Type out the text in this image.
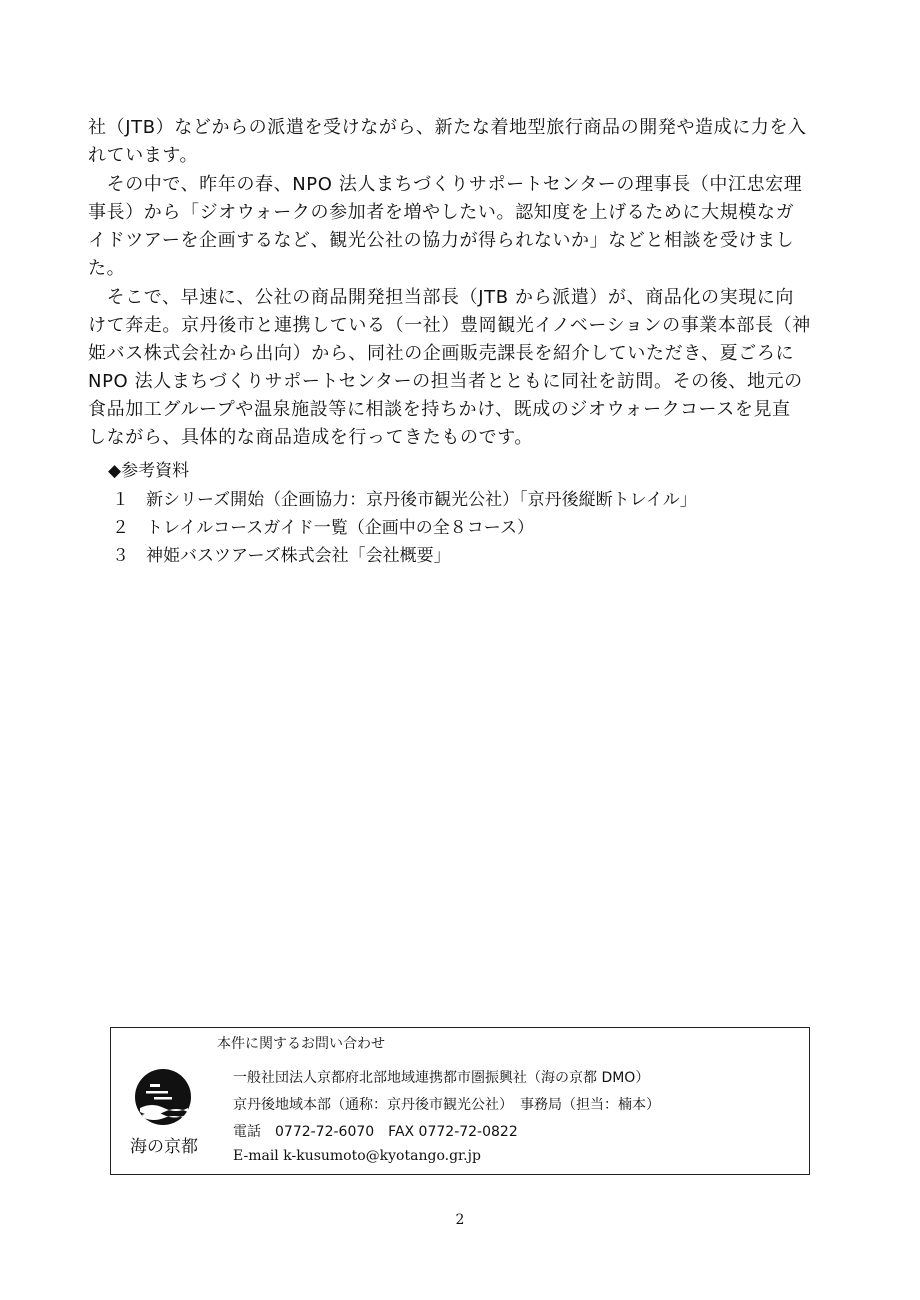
社（JTB）などからの派遣を受けながら、新たな着地型旅行商品の開発や造成に力を入
れています。
　その中で、昨年の春、NPO 法人まちづくりサポートセンターの理事長（中江忠宏理
事長）から「ジオウォークの参加者を増やしたい。認知度を上げるために大規模なガ
イドツアーを企画するなど、観光公社の協力が得られないか」などと相談を受けまし
た。
　そこで、早速に、公社の商品開発担当部長（JTB から派遣）が、商品化の実現に向
けて奔走。京丹後市と連携している（一社）豊岡観光イノベーションの事業本部長（神
姫バス株式会社から出向）から、同社の企画販売課長を紹介していただき、夏ごろに
NPO 法人まちづくりサポートセンターの担当者とともに同社を訪問。その後、地元の
食品加工グループや温泉施設等に相談を持ちかけ、既成のジオウォークコースを見直
しながら、具体的な商品造成を行ってきたものです。
◆参考資料
１ 新シリーズ開始（企画協力：京丹後市観光公社）「京丹後縦断トレイル」
２ トレイルコースガイド一覧（企画中の全８コース）
３ 神姫バスツアーズ株式会社「会社概要」
本件に関するお問い合わせ
海の京都
一般社団法人京都府北部地域連携都市圏振興社（海の京都 DMO）
京丹後地域本部（通称：京丹後市観光公社）　事務局（担当：楠本）
電話　0772-72-6070　FAX 0772-72-0822
E-mail k-kusumoto@kyotango.gr.jp
2
